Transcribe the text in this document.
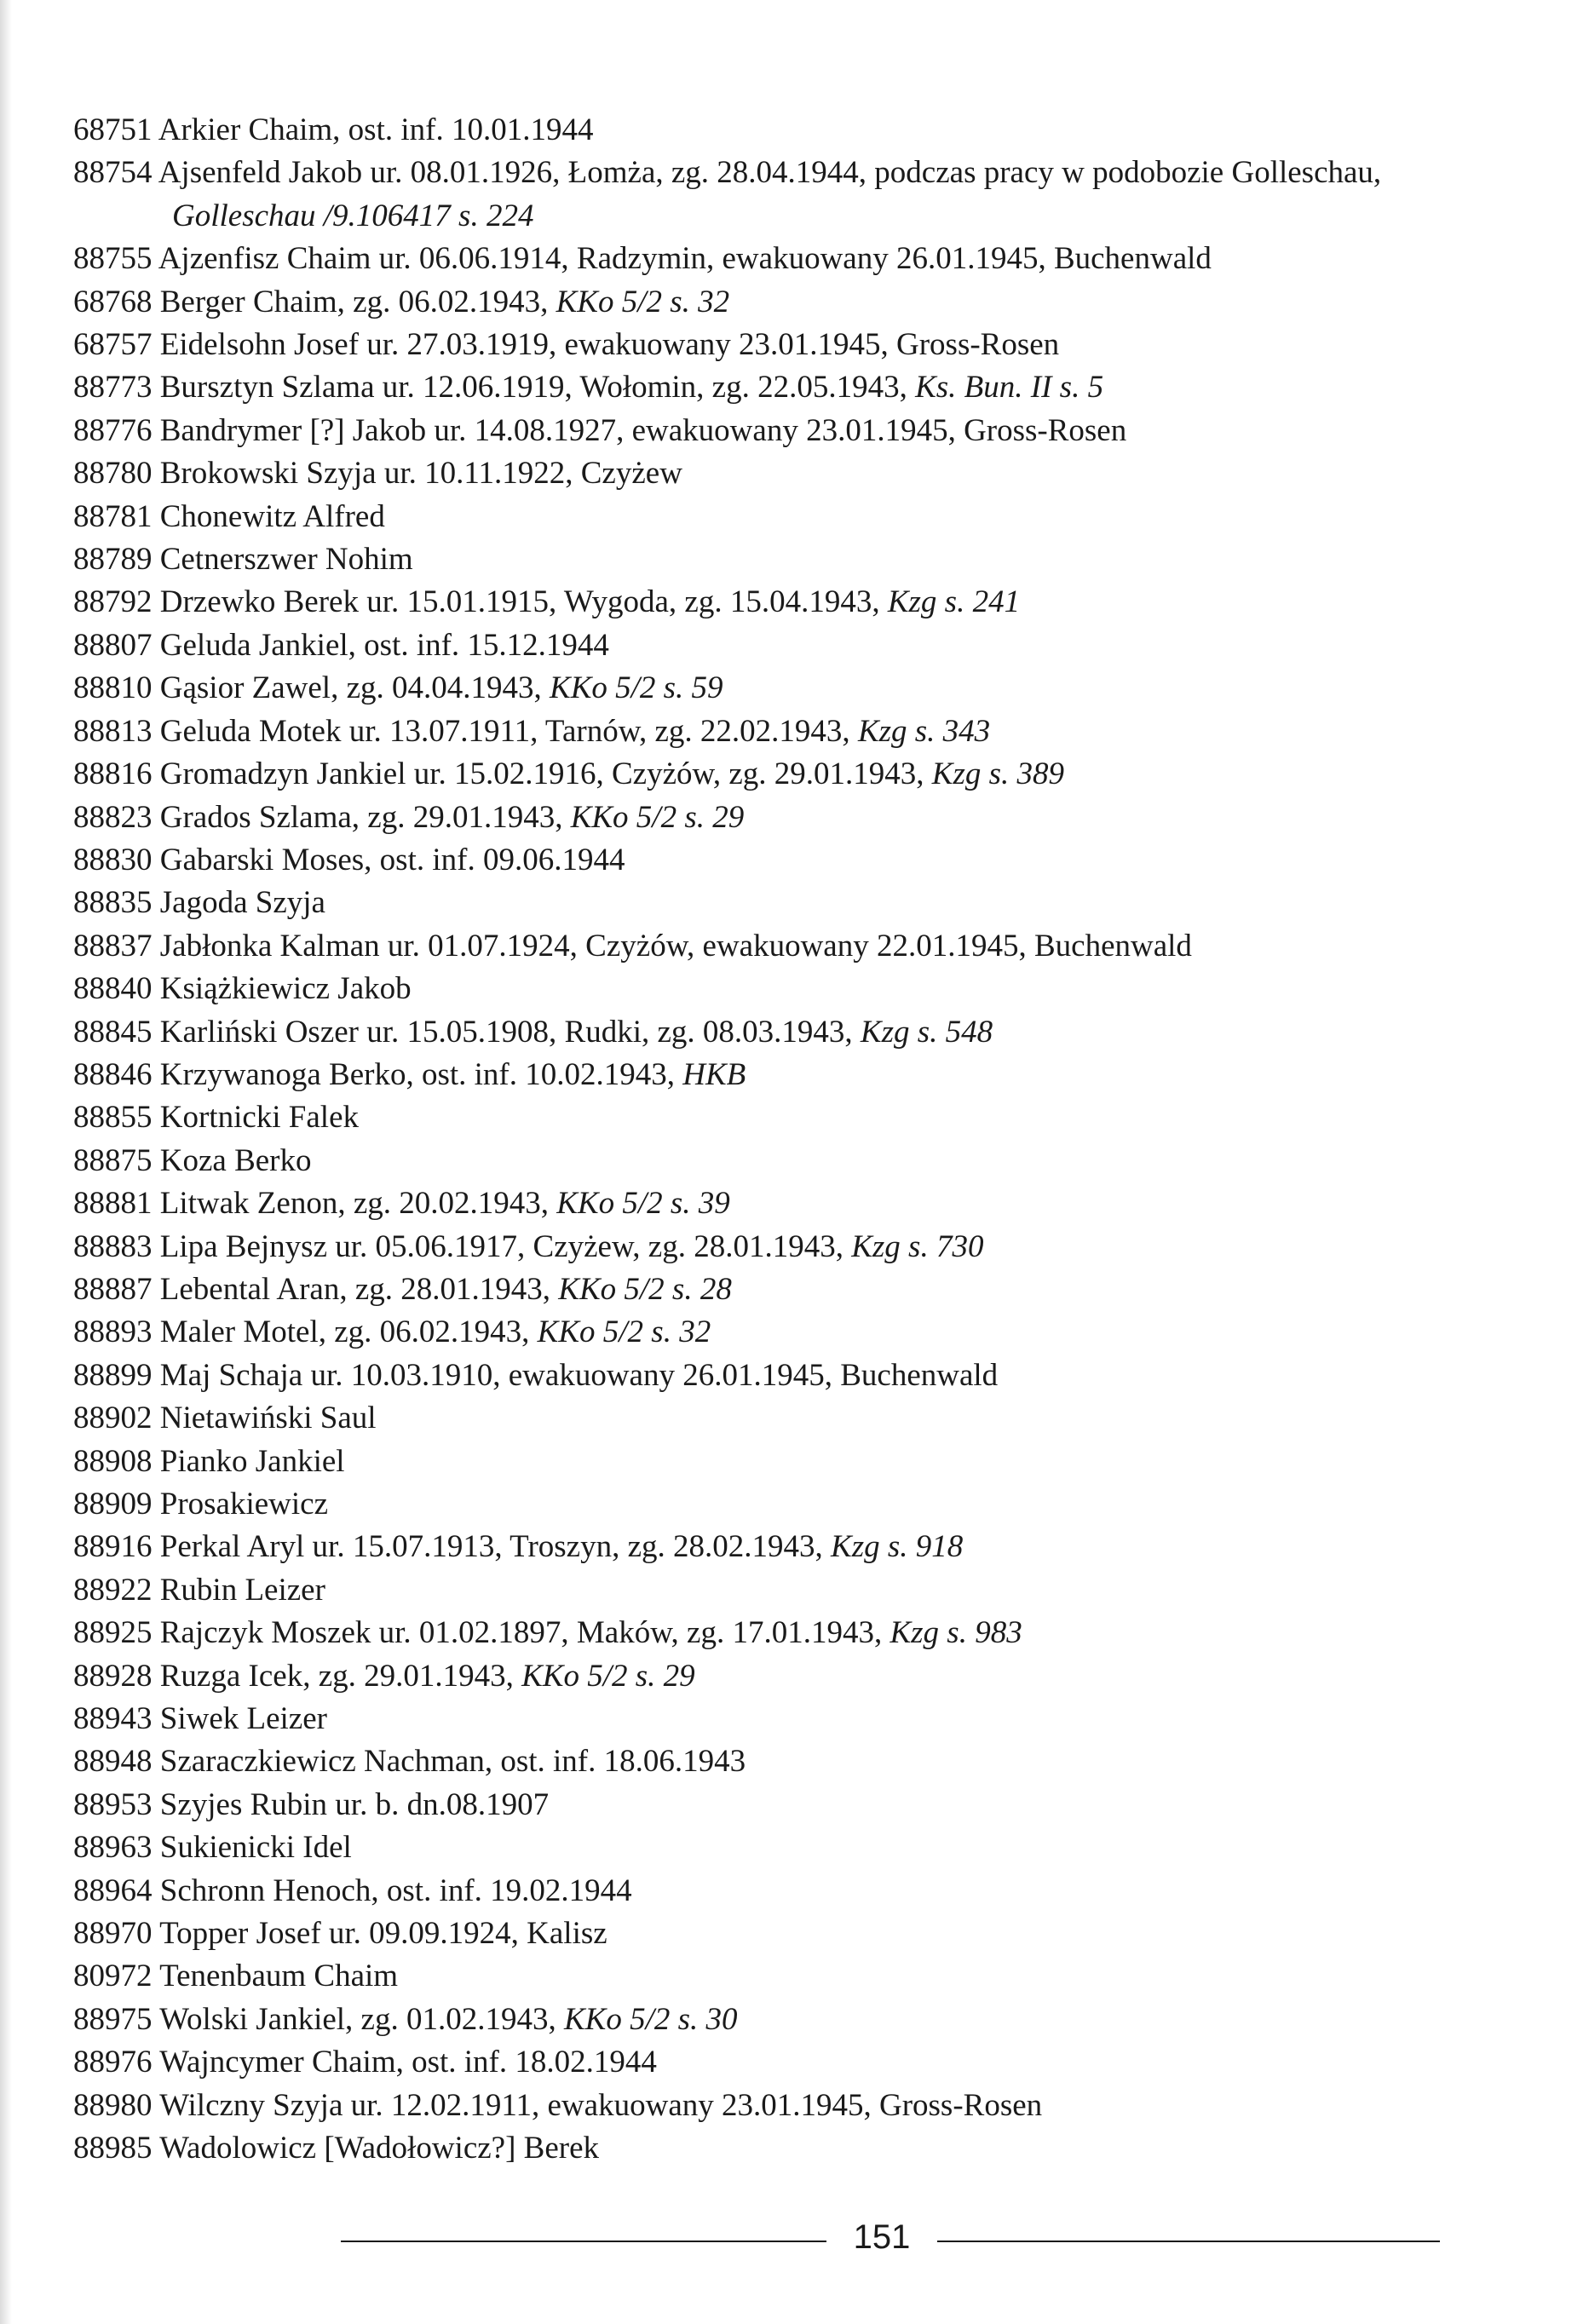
68751 Arkier Chaim, ost. inf. 10.01.1944
88754 Ajsenfeld Jakob ur. 08.01.1926, Łomża, zg. 28.04.1944, podczas pracy w podobozie Golleschau, Golleschau /9.106417 s. 224
88755 Ajzenfisz Chaim ur. 06.06.1914, Radzymin, ewakuowany 26.01.1945, Buchenwald
68768 Berger Chaim, zg. 06.02.1943, KKo 5/2 s. 32
68757 Eidelsohn Josef ur. 27.03.1919, ewakuowany 23.01.1945, Gross-Rosen
88773 Bursztyn Szlama ur. 12.06.1919, Wołomin, zg. 22.05.1943, Ks. Bun. II s. 5
88776 Bandrymer [?] Jakob ur. 14.08.1927, ewakuowany 23.01.1945, Gross-Rosen
88780 Brokowski Szyja ur. 10.11.1922, Czyżew
88781 Chonewitz Alfred
88789 Cetnerszwer Nohim
88792 Drzewko Berek ur. 15.01.1915, Wygoda, zg. 15.04.1943, Kzg s. 241
88807 Geluda Jankiel, ost. inf. 15.12.1944
88810 Gąsior Zawel, zg. 04.04.1943, KKo 5/2 s. 59
88813 Geluda Motek ur. 13.07.1911, Tarnów, zg. 22.02.1943, Kzg s. 343
88816 Gromadzyn Jankiel ur. 15.02.1916, Czyżów, zg. 29.01.1943, Kzg s. 389
88823 Grados Szlama, zg. 29.01.1943, KKo 5/2 s. 29
88830 Gabarski Moses, ost. inf. 09.06.1944
88835 Jagoda Szyja
88837 Jabłonka Kalman ur. 01.07.1924, Czyżów, ewakuowany 22.01.1945, Buchenwald
88840 Książkiewicz Jakob
88845 Karliński Oszer ur. 15.05.1908, Rudki, zg. 08.03.1943, Kzg s. 548
88846 Krzywanoga Berko, ost. inf. 10.02.1943, HKB
88855 Kortnicki Falek
88875 Koza Berko
88881 Litwak Zenon, zg. 20.02.1943, KKo 5/2 s. 39
88883 Lipa Bejnysz ur. 05.06.1917, Czyżew, zg. 28.01.1943, Kzg s. 730
88887 Lebental Aran, zg. 28.01.1943, KKo 5/2 s. 28
88893 Maler Motel, zg. 06.02.1943, KKo 5/2 s. 32
88899 Maj Schaja ur. 10.03.1910, ewakuowany 26.01.1945, Buchenwald
88902 Nietawiński Saul
88908 Pianko Jankiel
88909 Prosakiewicz
88916 Perkal Aryl ur. 15.07.1913, Troszyn, zg. 28.02.1943, Kzg s. 918
88922 Rubin Leizer
88925 Rajczyk Moszek ur. 01.02.1897, Maków, zg. 17.01.1943, Kzg s. 983
88928 Ruzga Icek, zg. 29.01.1943, KKo 5/2 s. 29
88943 Siwek Leizer
88948 Szaraczkiewicz Nachman, ost. inf. 18.06.1943
88953 Szyjes Rubin ur. b. dn.08.1907
88963 Sukienicki Idel
88964 Schronn Henoch, ost. inf. 19.02.1944
88970 Topper Josef ur. 09.09.1924, Kalisz
80972 Tenenbaum Chaim
88975 Wolski Jankiel, zg. 01.02.1943, KKo 5/2 s. 30
88976 Wajncymer Chaim, ost. inf. 18.02.1944
88980 Wilczny Szyja ur. 12.02.1911, ewakuowany 23.01.1945, Gross-Rosen
88985 Wadolowicz [Wadołowicz?] Berek
151
